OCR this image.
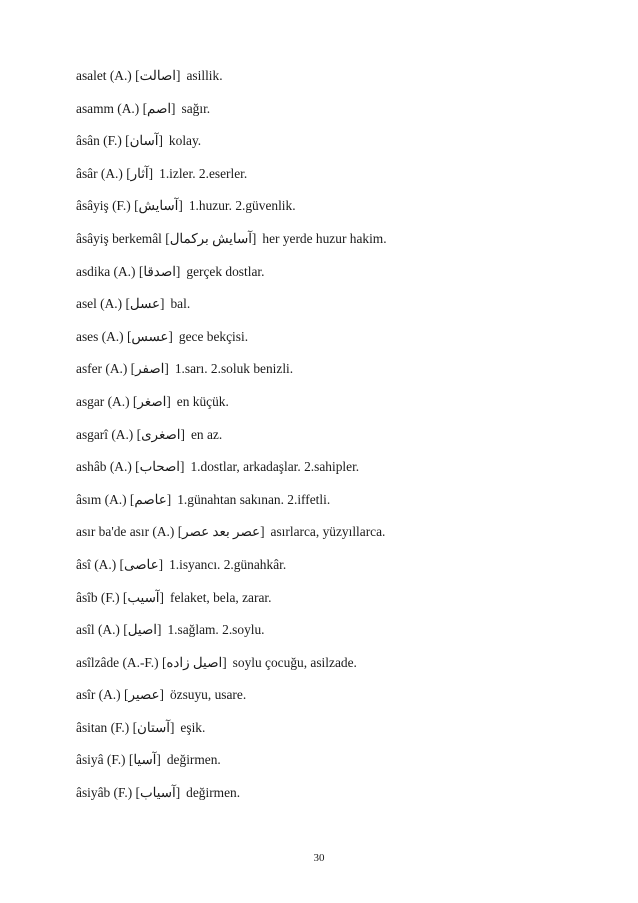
asalet (A.) [اصالت] asillik.
asamm (A.) [اصم] sağır.
âsân (F.) [آسان] kolay.
âsâr (A.) [آثار] 1.izler. 2.eserler.
âsâyiş (F.) [آسایش] 1.huzur. 2.güvenlik.
âsâyiş berkemâl [آسایش برکمال] her yerde huzur hakim.
asdika (A.) [اصدقا] gerçek dostlar.
asel (A.) [عسل] bal.
ases (A.) [عسس] gece bekçisi.
asfer (A.) [اصفر] 1.sarı. 2.soluk benizli.
asgar (A.) [اصغر] en küçük.
asgarî (A.) [اصغری] en az.
ashâb (A.) [اصحاب] 1.dostlar, arkadaşlar. 2.sahipler.
âsım (A.) [عاصم] 1.günahtan sakınan. 2.iffetli.
asır ba'de asır (A.) [عصر بعد عصر] asırlarca, yüzyıllarca.
âsî (A.) [عاصی] 1.isyancı. 2.günahkâr.
âsîb (F.) [آسیب] felaket, bela, zarar.
asîl (A.) [اصیل] 1.sağlam. 2.soylu.
asîlzâde (A.-F.) [اصیل زاده] soylu çocuğu, asilzade.
asîr (A.) [عصیر] özsuyu, usare.
âsitan (F.) [آستان] eşik.
âsiyâ (F.) [آسیا] değirmen.
âsiyâb (F.) [آسیاب] değirmen.
30
